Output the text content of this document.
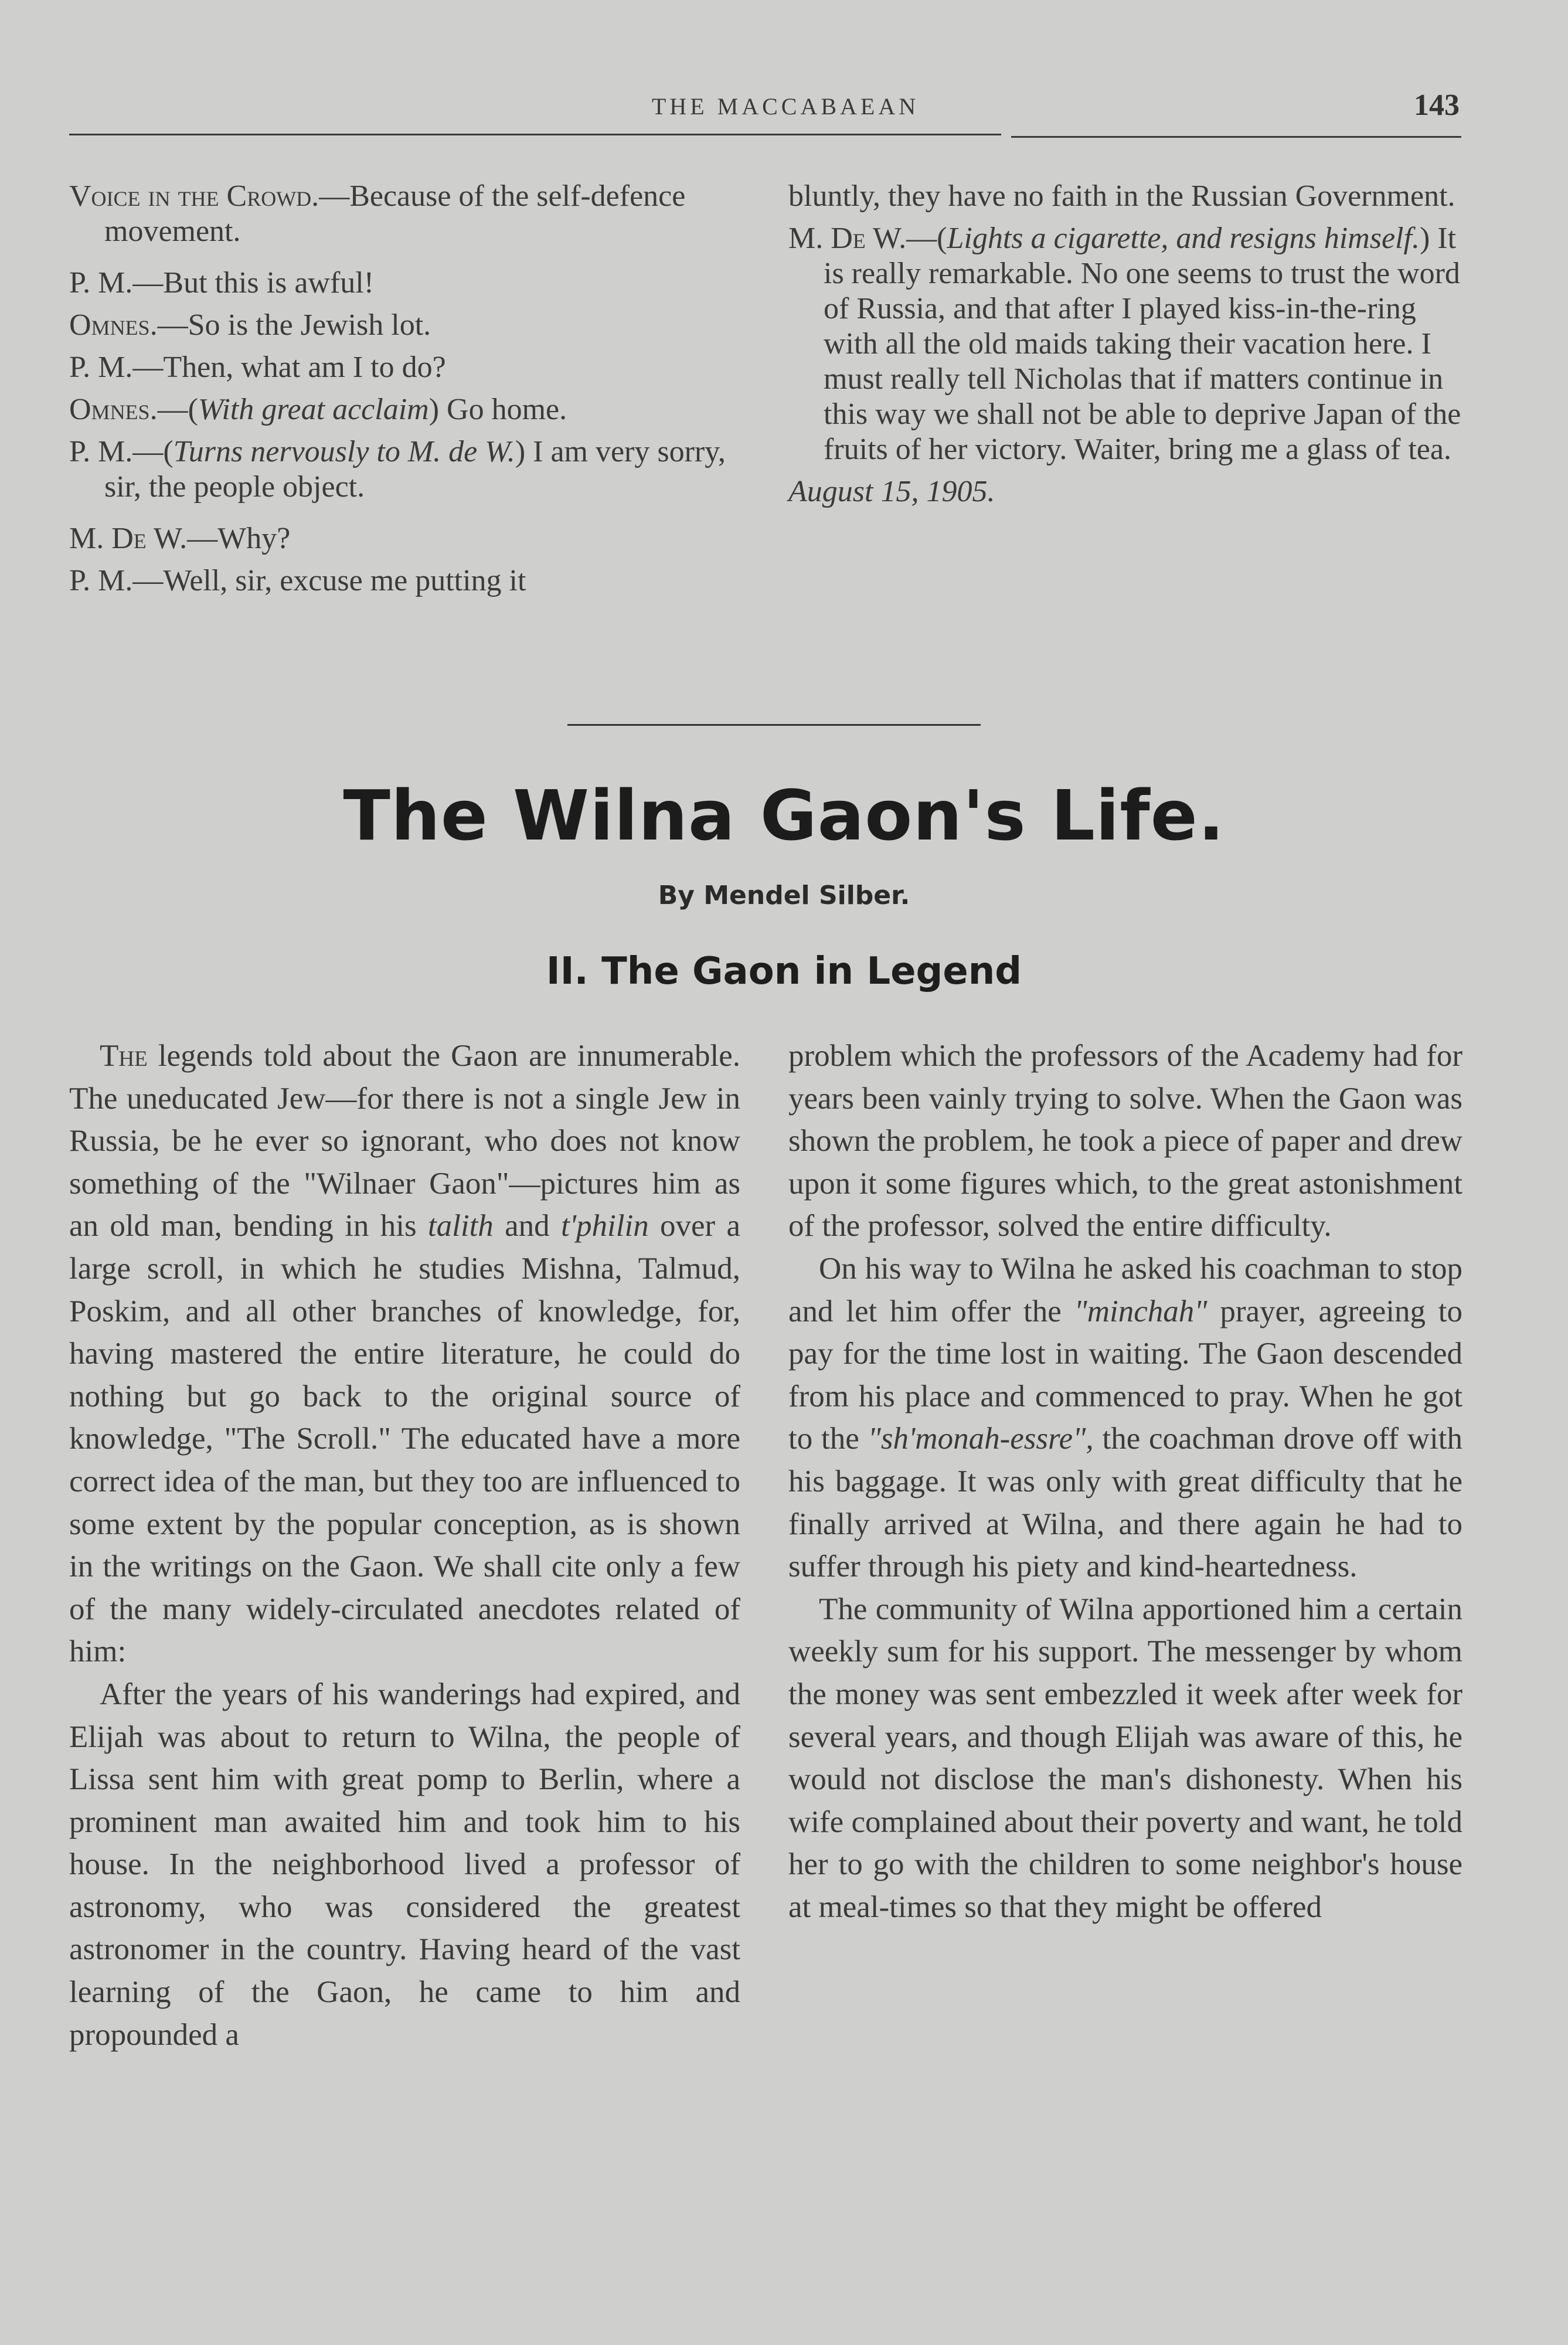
THE MACCABAEAN	143

Voice in the Crowd.—Because of the self-defence movement.

P. M.—But this is awful!

Omnes.—So is the Jewish lot.

P. M.—Then, what am I to do?

Omnes.—(With great acclaim) Go home.

P. M.—(Turns nervously to M. de W.) I am very sorry, sir, the people object.

M. De W.—Why?

P. M.—Well, sir, excuse me putting it

bluntly, they have no faith in the Russian Government.

M. De W.—(Lights a cigarette, and resigns himself.) It is really remarkable. No one seems to trust the word of Russia, and that after I played kiss-in-the-ring with all the old maids taking their vacation here. I must really tell Nicholas that if matters continue in this way we shall not be able to deprive Japan of the fruits of her victory. Waiter, bring me a glass of tea.

August 15, 1905.

The Wilna Gaon's Life.
By Mendel Silber.
II. The Gaon in Legend

The legends told about the Gaon are innumerable. The uneducated Jew—for there is not a single Jew in Russia, be he ever so ignorant, who does not know something of the "Wilnaer Gaon"—pictures him as an old man, bending in his talith and t'philin over a large scroll, in which he studies Mishna, Talmud, Poskim, and all other branches of knowledge, for, having mastered the entire literature, he could do nothing but go back to the original source of knowledge, "The Scroll." The educated have a more correct idea of the man, but they too are influenced to some extent by the popular conception, as is shown in the writings on the Gaon. We shall cite only a few of the many widely-circulated anecdotes related of him:

After the years of his wanderings had expired, and Elijah was about to return to Wilna, the people of Lissa sent him with great pomp to Berlin, where a prominent man awaited him and took him to his house. In the neighborhood lived a professor of astronomy, who was considered the greatest astronomer in the country. Having heard of the vast learning of the Gaon, he came to him and propounded a

problem which the professors of the Academy had for years been vainly trying to solve. When the Gaon was shown the problem, he took a piece of paper and drew upon it some figures which, to the great astonishment of the professor, solved the entire difficulty.

On his way to Wilna he asked his coachman to stop and let him offer the "minchah" prayer, agreeing to pay for the time lost in waiting. The Gaon descended from his place and commenced to pray. When he got to the "sh'monah-essre", the coachman drove off with his baggage. It was only with great difficulty that he finally arrived at Wilna, and there again he had to suffer through his piety and kind-heartedness.

The community of Wilna apportioned him a certain weekly sum for his support. The messenger by whom the money was sent embezzled it week after week for several years, and though Elijah was aware of this, he would not disclose the man's dishonesty. When his wife complained about their poverty and want, he told her to go with the children to some neighbor's house at meal-times so that they might be offered
